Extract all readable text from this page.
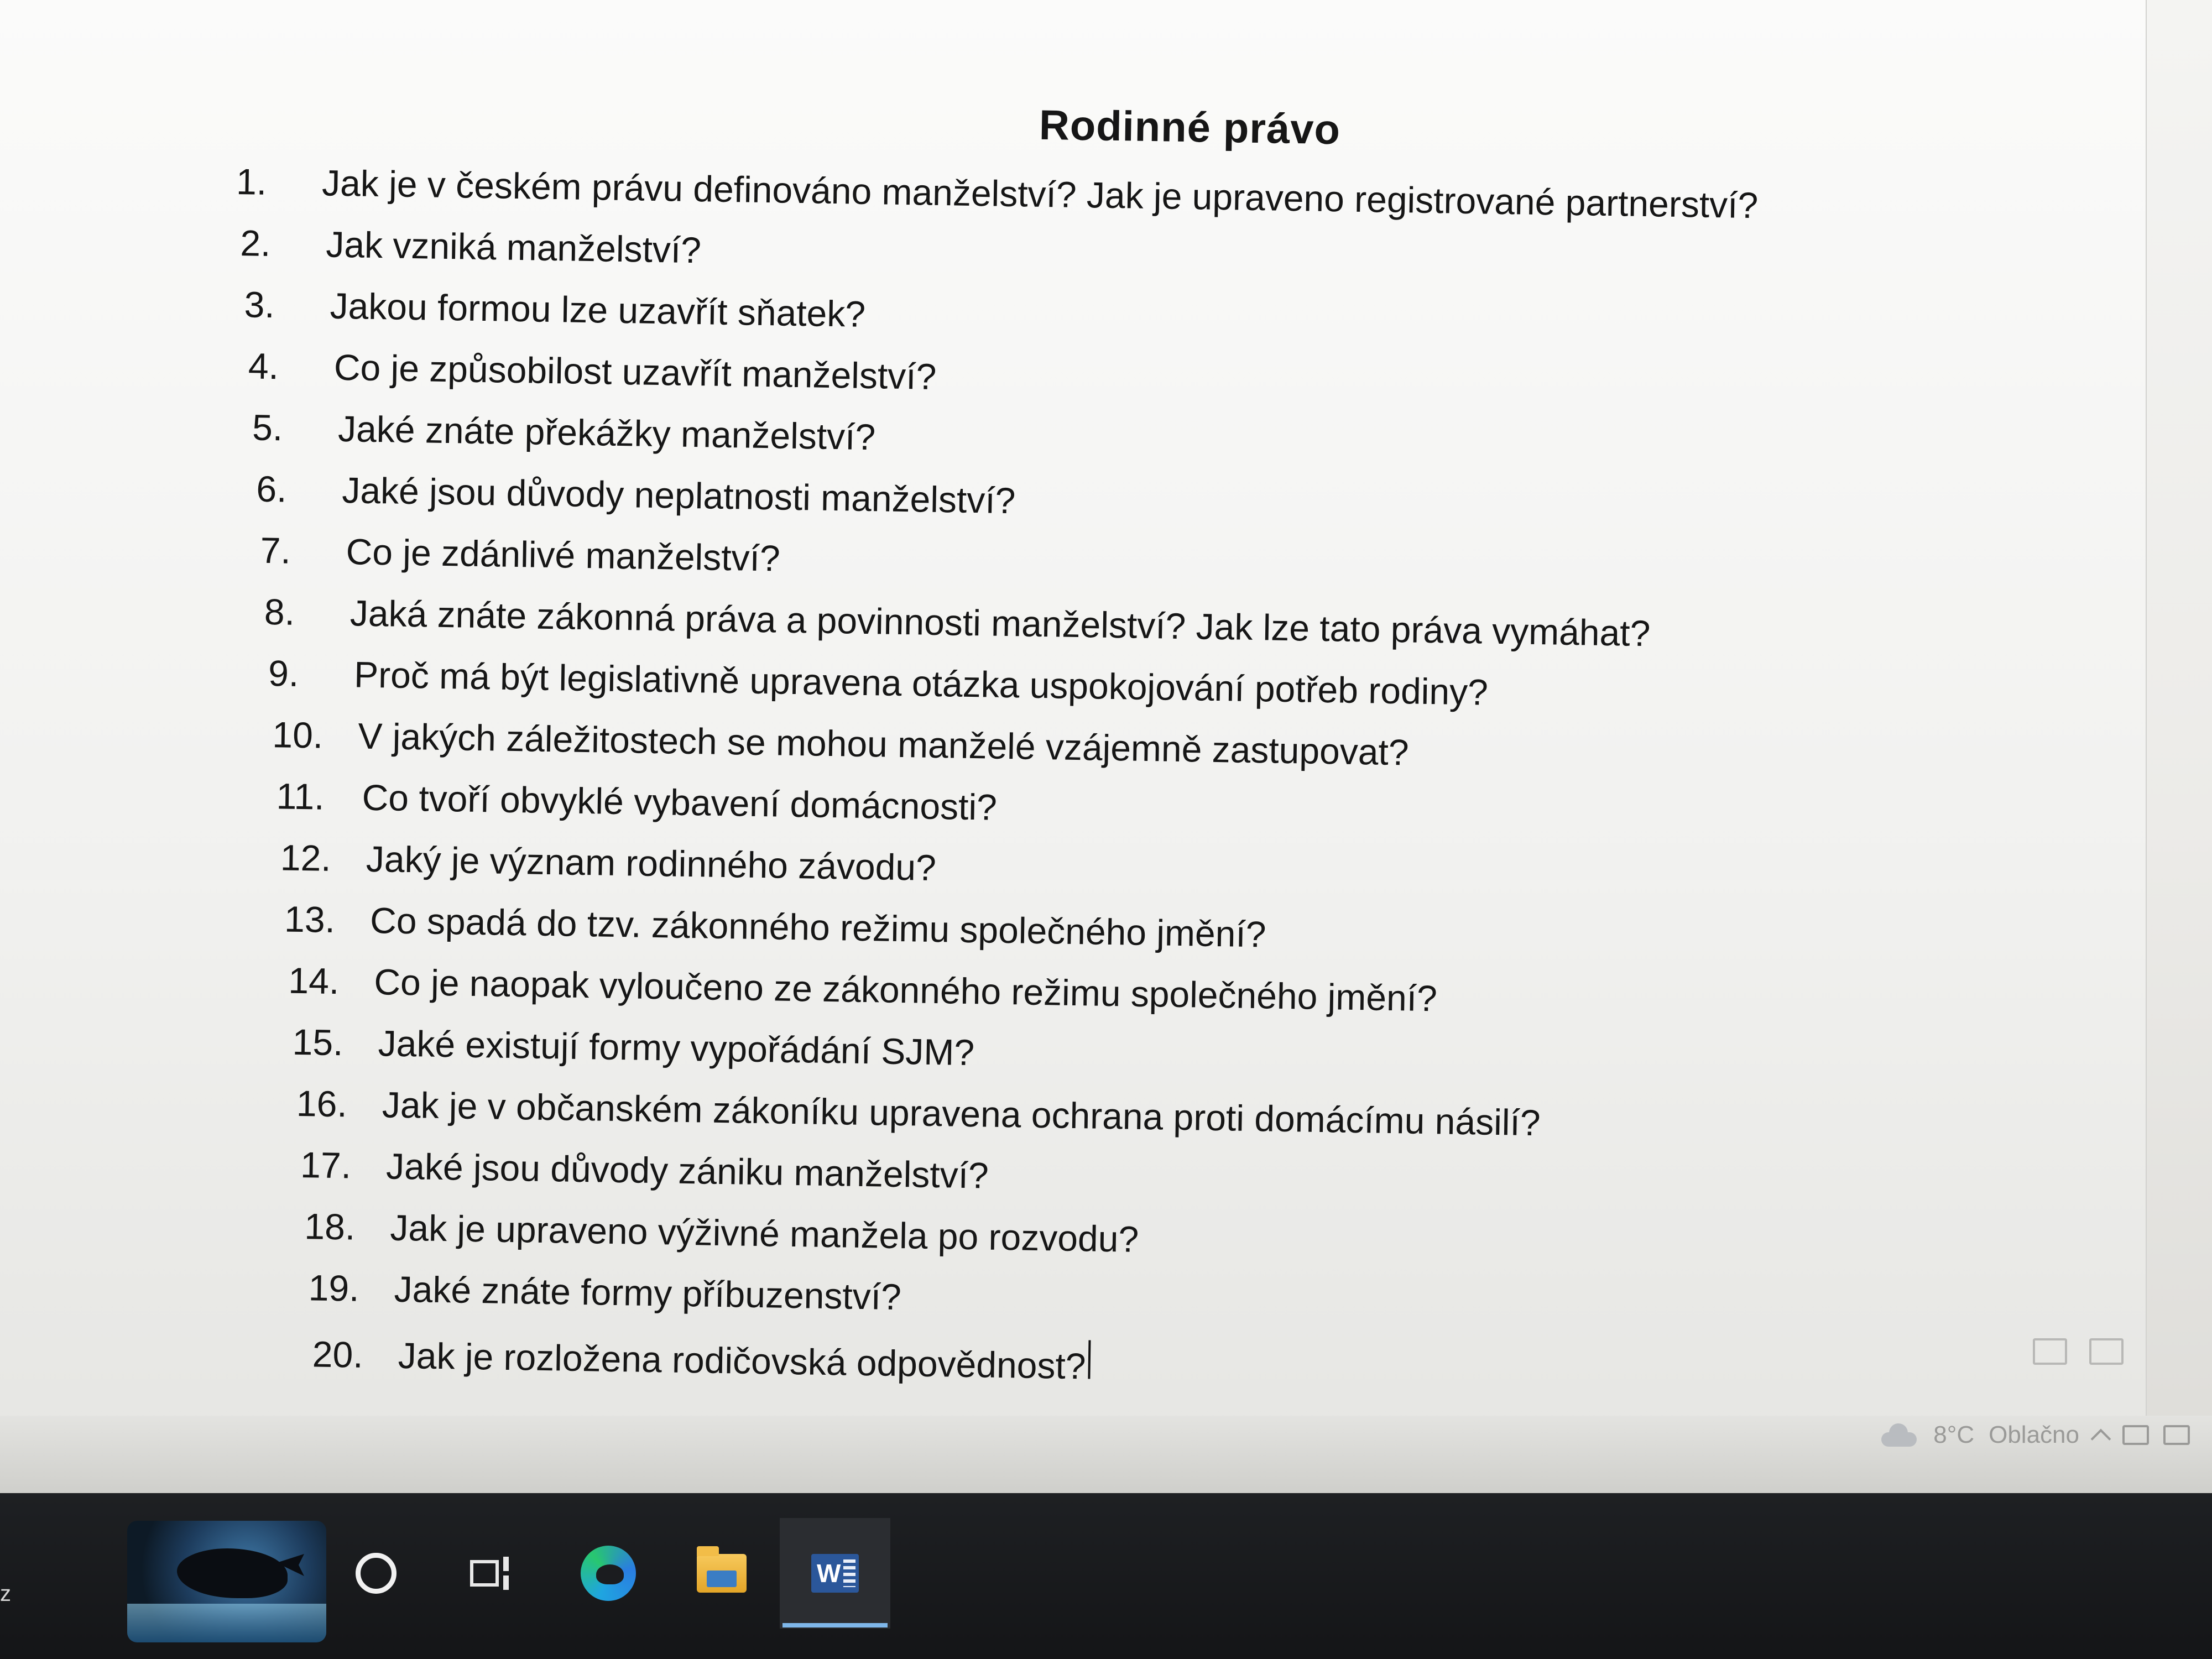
Rodinné právo
1.	Jak je v českém právu definováno manželství? Jak je upraveno registrované partnerství?
2.	Jak vzniká manželství?
3.	Jakou formou lze uzavřít sňatek?
4.	Co je způsobilost uzavřít manželství?
5.	Jaké znáte překážky manželství?
6.	Jaké jsou důvody neplatnosti manželství?
7.	Co je zdánlivé manželství?
8.	Jaká znáte zákonná práva a povinnosti manželství? Jak lze tato práva vymáhat?
9.	Proč má být legislativně upravena otázka uspokojování potřeb rodiny?
10. V jakých záležitostech se mohou manželé vzájemně zastupovat?
11.	Co tvoří obvyklé vybavení domácnosti?
12. Jaký je význam rodinného závodu?
13. Co spadá do tzv. zákonného režimu společného jmění?
14. Co je naopak vyloučeno ze zákonného režimu společného jmění?
15. Jaké existují formy vypořádání SJM?
16. Jak je v občanském zákoníku upravena ochrana proti domácímu násilí?
17. Jaké jsou důvody zániku manželství?
18. Jak je upraveno výživné manžela po rozvodu?
19. Jaké znáte formy příbuzenství?
20. Jak je rozložena rodičovská odpovědnost?
8°C Oblačno
z
W
